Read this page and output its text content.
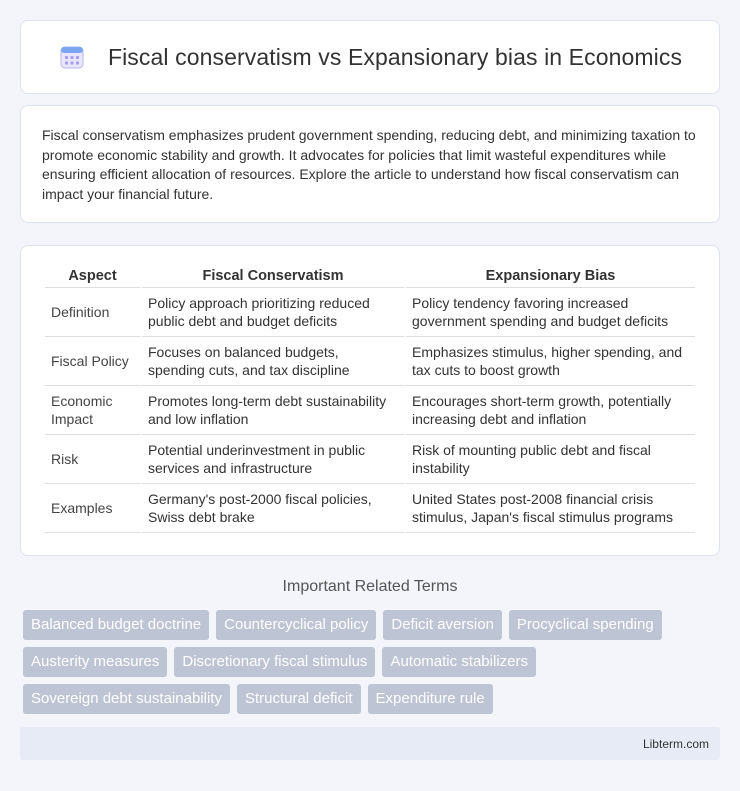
Fiscal conservatism vs Expansionary bias in Economics

Fiscal conservatism emphasizes prudent government spending, reducing debt, and minimizing taxation to promote economic stability and growth. It advocates for policies that limit wasteful expenditures while ensuring efficient allocation of resources. Explore the article to understand how fiscal conservatism can impact your financial future.

Aspect	Fiscal Conservatism	Expansionary Bias
Definition	Policy approach prioritizing reduced public debt and budget deficits	Policy tendency favoring increased government spending and budget deficits
Fiscal Policy	Focuses on balanced budgets, spending cuts, and tax discipline	Emphasizes stimulus, higher spending, and tax cuts to boost growth
Economic Impact	Promotes long-term debt sustainability and low inflation	Encourages short-term growth, potentially increasing debt and inflation
Risk	Potential underinvestment in public services and infrastructure	Risk of mounting public debt and fiscal instability
Examples	Germany's post-2000 fiscal policies, Swiss debt brake	United States post-2008 financial crisis stimulus, Japan's fiscal stimulus programs
Important Related Terms
Balanced budget doctrine	Countercyclical policy	Deficit aversion	Procyclical spending
Austerity measures	Discretionary fiscal stimulus	Automatic stabilizers
Sovereign debt sustainability	Structural deficit	Expenditure rule
Libterm.com
